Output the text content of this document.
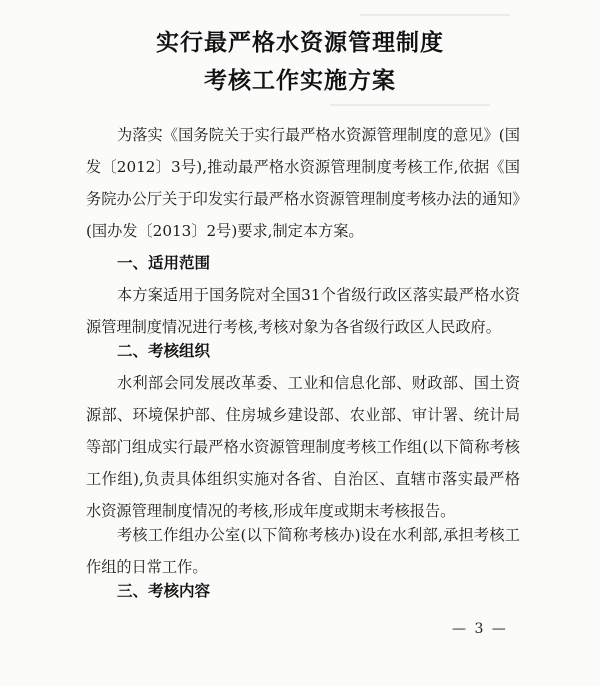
实行最严格水资源管理制度
考核工作实施方案

为落实《国务院关于实行最严格水资源管理制度的意见》(国发〔2012〕3号),推动最严格水资源管理制度考核工作,依据《国务院办公厅关于印发实行最严格水资源管理制度考核办法的通知》(国办发〔2013〕2号)要求,制定本方案。

一、适用范围

本方案适用于国务院对全国31个省级行政区落实最严格水资源管理制度情况进行考核,考核对象为各省级行政区人民政府。

二、考核组织

水利部会同发展改革委、工业和信息化部、财政部、国土资源部、环境保护部、住房城乡建设部、农业部、审计署、统计局等部门组成实行最严格水资源管理制度考核工作组(以下简称考核工作组),负责具体组织实施对各省、自治区、直辖市落实最严格水资源管理制度情况的考核,形成年度或期末考核报告。

考核工作组办公室(以下简称考核办)设在水利部,承担考核工作组的日常工作。

三、考核内容
— 3 —
